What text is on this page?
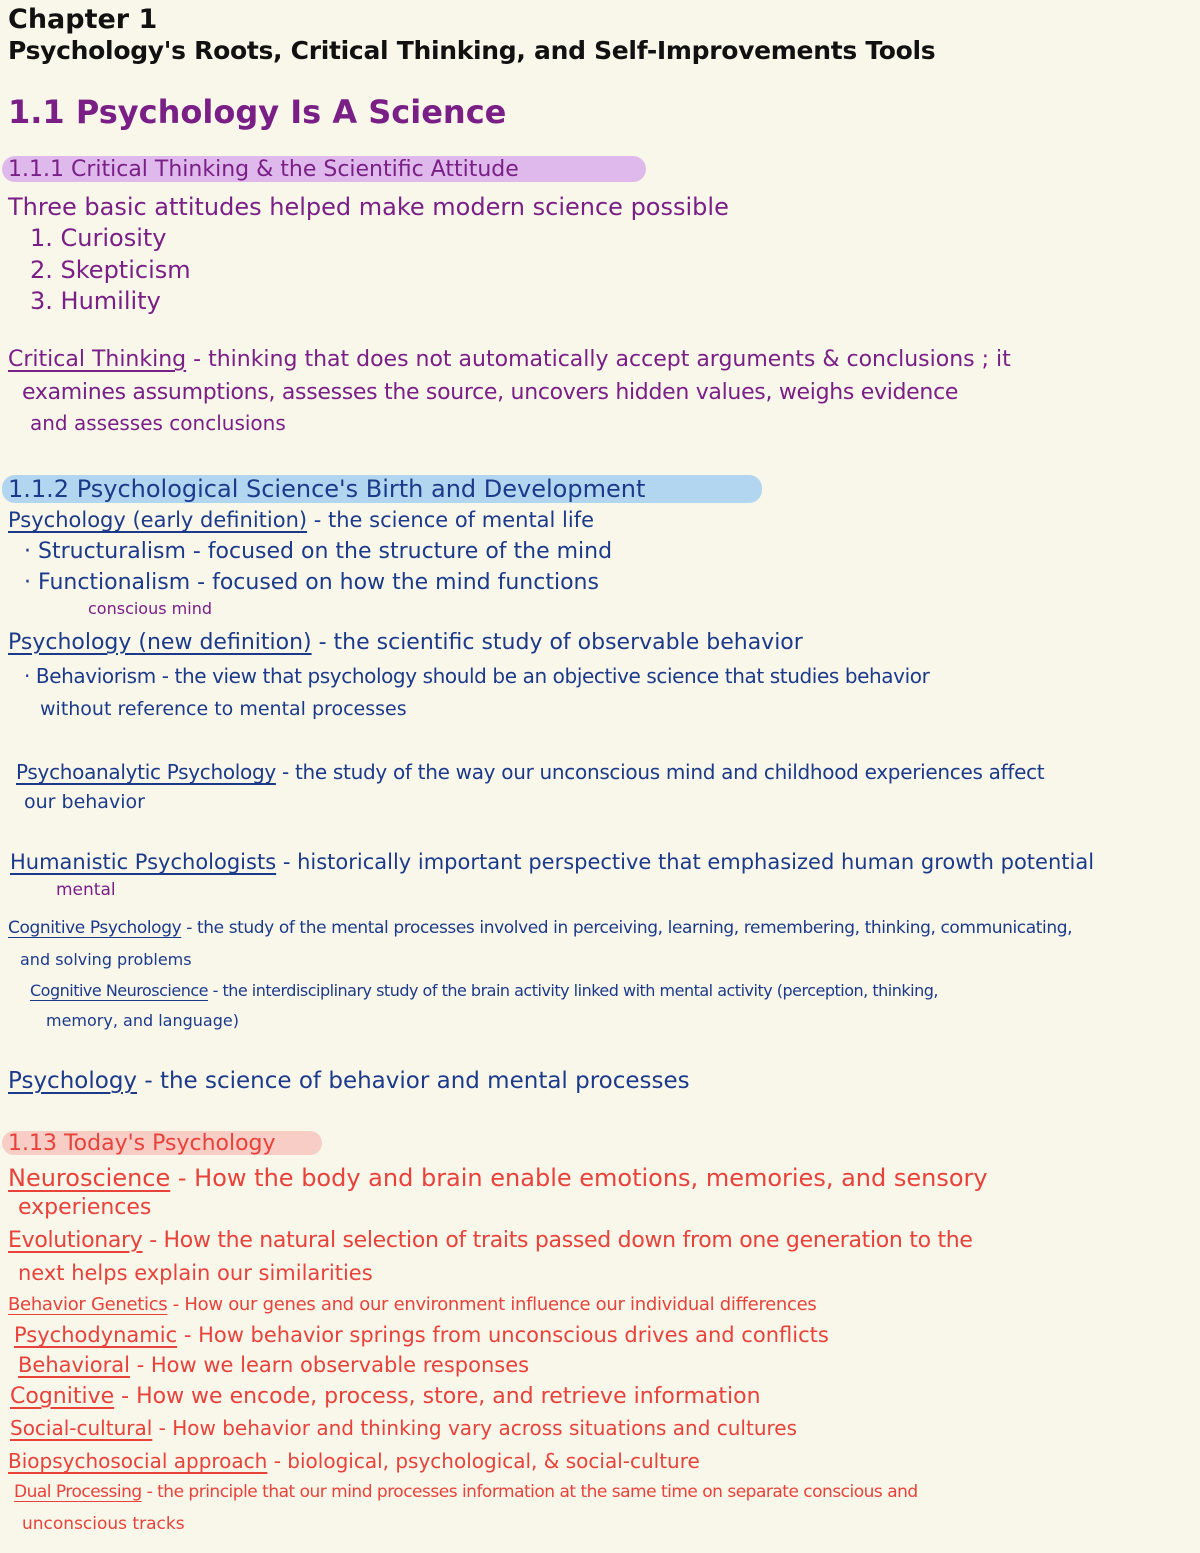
Chapter 1
Psychology's Roots, Critical Thinking, and Self-Improvements Tools
1.1 Psychology Is A Science
1.1.1 Critical Thinking & the Scientific Attitude
Three basic attitudes helped make modern science possible
1. Curiosity
2. Skepticism
3. Humility
Critical Thinking - thinking that does not automatically accept arguments & conclusions ; it
examines assumptions, assesses the source, uncovers hidden values, weighs evidence
and assesses conclusions
1.1.2 Psychological Science's Birth and Development
Psychology (early definition) - the science of mental life
· Structuralism - focused on the structure of the mind
· Functionalism - focused on how the mind functions
conscious mind
Psychology (new definition) - the scientific study of observable behavior
· Behaviorism - the view that psychology should be an objective science that studies behavior
without reference to mental processes
Psychoanalytic Psychology - the study of the way our unconscious mind and childhood experiences affect
our behavior
Humanistic Psychologists - historically important perspective that emphasized human growth potential
mental
Cognitive Psychology - the study of the mental processes involved in perceiving, learning, remembering, thinking, communicating,
and solving problems
Cognitive Neuroscience - the interdisciplinary study of the brain activity linked with mental activity (perception, thinking,
memory, and language)
Psychology - the science of behavior and mental processes
1.13 Today's Psychology
Neuroscience - How the body and brain enable emotions, memories, and sensory
experiences
Evolutionary - How the natural selection of traits passed down from one generation to the
next helps explain our similarities
Behavior Genetics - How our genes and our environment influence our individual differences
Psychodynamic - How behavior springs from unconscious drives and conflicts
Behavioral - How we learn observable responses
Cognitive - How we encode, process, store, and retrieve information
Social-cultural - How behavior and thinking vary across situations and cultures
Biopsychosocial approach - biological, psychological, & social-culture
Dual Processing - the principle that our mind processes information at the same time on separate conscious and
unconscious tracks
